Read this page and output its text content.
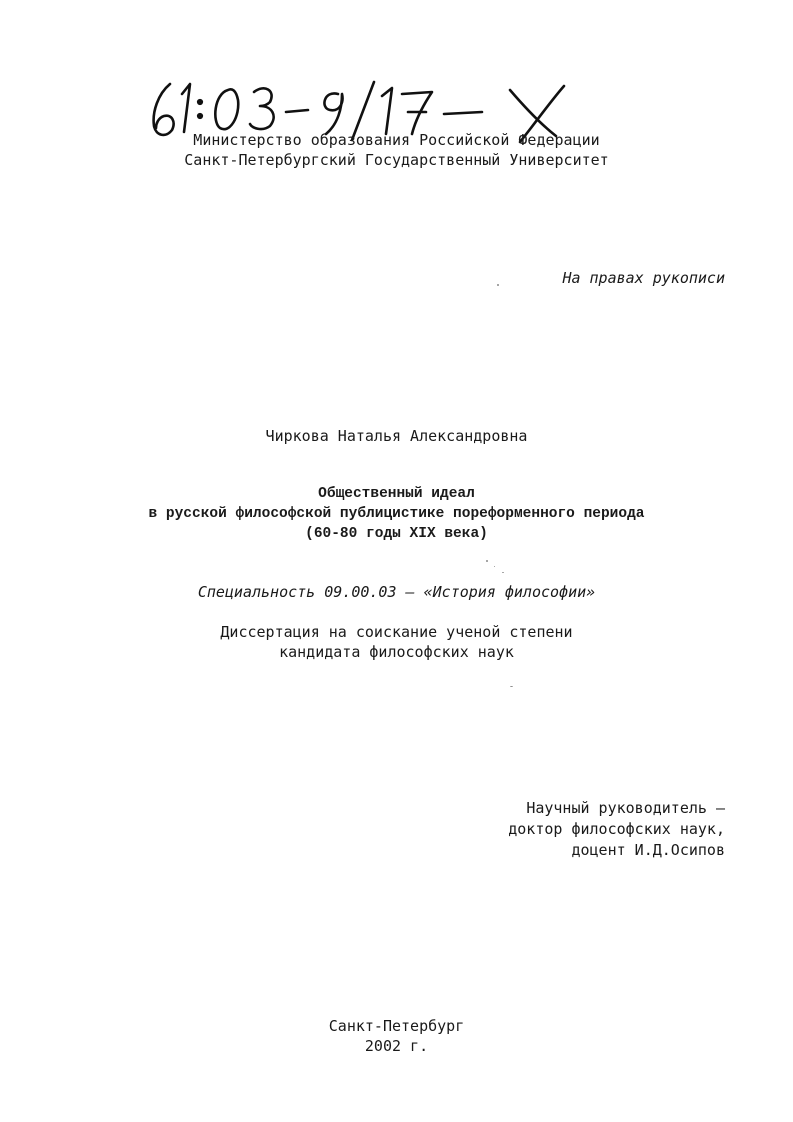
Министерство образования Российской Федерации
Санкт-Петербургский Государственный Университет
На правах рукописи
Чиркова Наталья Александровна
Общественный идеал
в русской философской публицистике пореформенного периода
(60-80 годы XIX века)
Специальность 09.00.03 – «История философии»
Диссертация на соискание ученой степени
кандидата философских наук
Научный руководитель –
доктор философских наук,
доцент И.Д.Осипов
Санкт-Петербург
2002 г.
